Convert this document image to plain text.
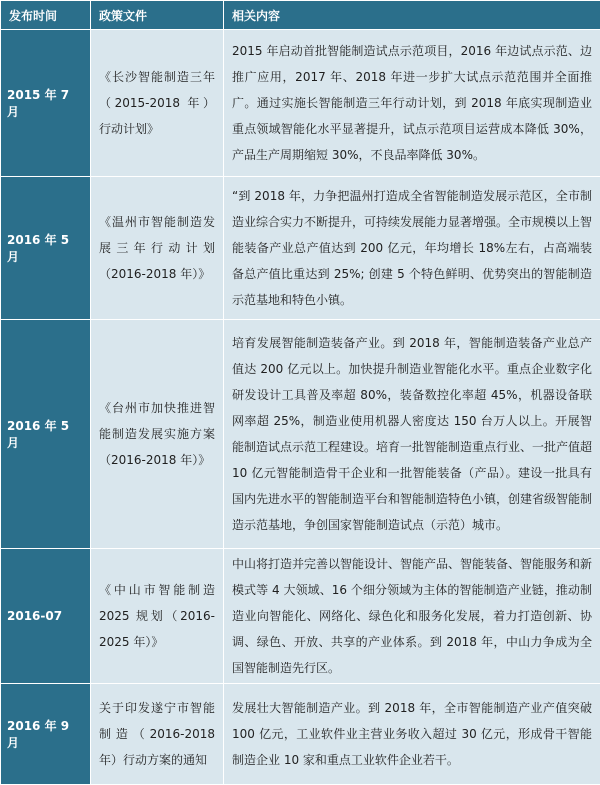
发布时间	政策文件	相关内容
2015 年 7 月	《长沙智能制造三年（2015-2018 年）行动计划》	2015 年启动首批智能制造试点示范项目，2016 年边试点示范、边推广应用，2017 年、2018 年进一步扩大试点示范范围并全面推广。通过实施长智能制造三年行动计划，到 2018 年底实现制造业重点领域智能化水平显著提升，试点示范项目运营成本降低 30%，产品生产周期缩短 30%，不良品率降低 30%。
2016 年 5 月	《温州市智能制造发展三年行动计划（2016-2018 年）》	“到 2018 年，力争把温州打造成全省智能制造发展示范区，全市制造业综合实力不断提升，可持续发展能力显著增强。全市规模以上智能装备产业总产值达到 200 亿元，年均增长 18%左右，占高端装备总产值比重达到 25%; 创建 5 个特色鲜明、优势突出的智能制造示范基地和特色小镇。
2016 年 5 月	《台州市加快推进智能制造发展实施方案（2016-2018 年）》	培育发展智能制造装备产业。到 2018 年，智能制造装备产业总产值达 200 亿元以上。加快提升制造业智能化水平。重点企业数字化研发设计工具普及率超 80%，装备数控化率超 45%，机器设备联网率超 25%，制造业使用机器人密度达 150 台万人以上。开展智能制造试点示范工程建设。培育一批智能制造重点行业、一批产值超 10 亿元智能制造骨干企业和一批智能装备（产品）。建设一批具有国内先进水平的智能制造平台和智能制造特色小镇，创建省级智能制造示范基地，争创国家智能制造试点（示范）城市。
2016-07	《中山市智能制造 2025 规划（2016-2025 年）》	中山将打造并完善以智能设计、智能产品、智能装备、智能服务和新模式等 4 大领域、16 个细分领域为主体的智能制造产业链，推动制造业向智能化、网络化、绿色化和服务化发展，着力打造创新、协调、绿色、开放、共享的产业体系。到 2018 年，中山力争成为全国智能制造先行区。
2016 年 9 月	关于印发遂宁市智能制造（2016-2018 年）行动方案的通知	发展壮大智能制造产业。到 2018 年，全市智能制造产业产值突破 100 亿元，工业软件业主营业务收入超过 30 亿元，形成骨干智能制造企业 10 家和重点工业软件企业若干。
